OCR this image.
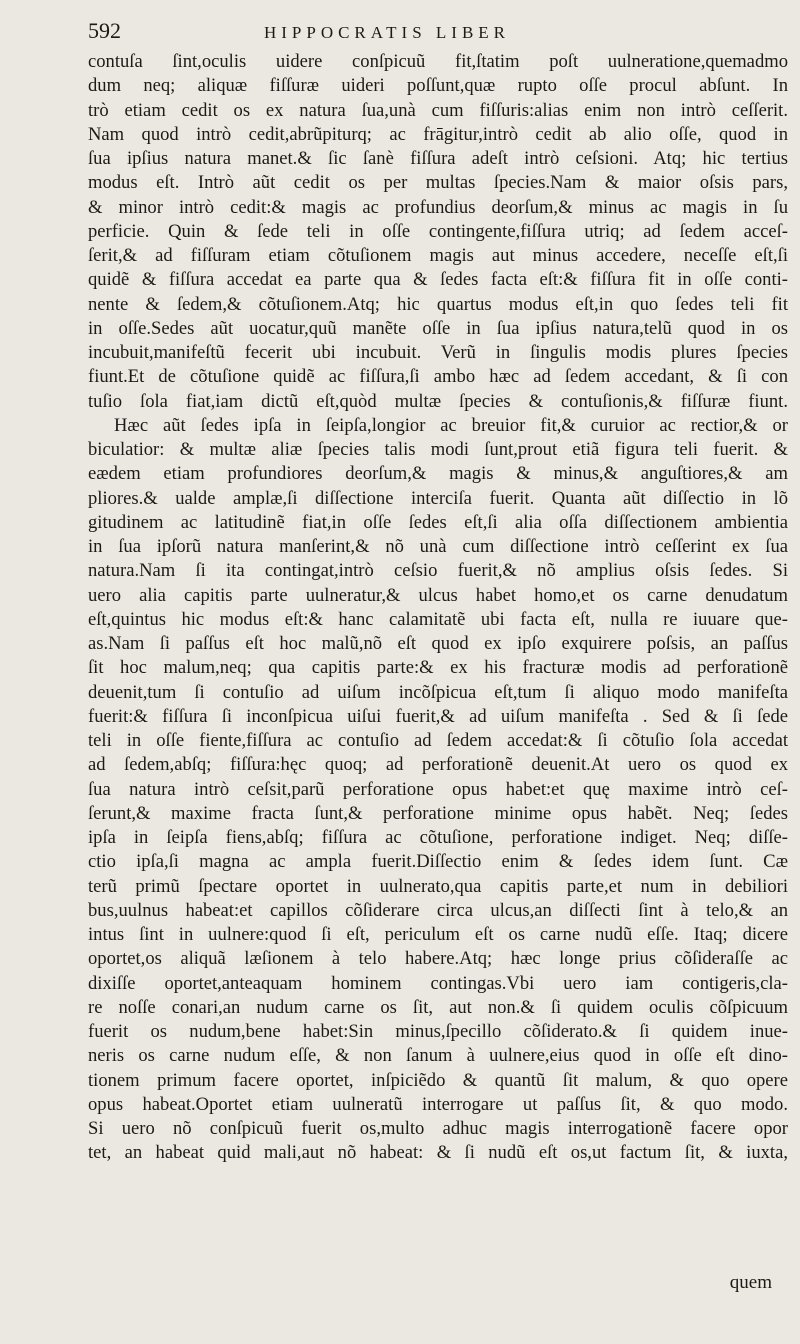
592	HIPPOCRATIS LIBER
contuſa ſint,oculis uidere conſpicuũ fit,ſtatim poſt uulneratione,quemadmo
dum neq; aliquæ fiſſuræ uideri poſſunt,quæ rupto oſſe procul abſunt. In
trò etiam cedit os ex natura ſua,unà cum fiſſuris:alias enim non intrò ceſſerit.
Nam quod intrò cedit,abrũpiturq; ac frāgitur,intrò cedit ab alio oſſe, quod in
ſua ipſius natura manet.& ſic ſanè fiſſura adeſt intrò ceſsioni. Atq; hic tertius
modus eſt. Intrò aũt cedit os per multas ſpecies.Nam & maior oſsis pars,
& minor intrò cedit:& magis ac profundius deorſum,& minus ac magis in ſu
perficie. Quin & ſede teli in oſſe contingente,fiſſura utriq; ad ſedem acceſ-
ſerit,& ad fiſſuram etiam cõtuſionem magis aut minus accedere, neceſſe eſt,ſi
quidẽ & fiſſura accedat ea parte qua & ſedes facta eſt:& fiſſura fit in oſſe conti-
nente & ſedem,& cõtuſionem.Atq; hic quartus modus eſt,in quo ſedes teli fit
in oſſe.Sedes aũt uocatur,quũ manẽte oſſe in ſua ipſius natura,telũ quod in os
incubuit,manifeſtũ fecerit ubi incubuit. Verũ in ſingulis modis plures ſpecies
fiunt.Et de cõtuſione quidẽ ac fiſſura,ſi ambo hæc ad ſedem accedant, & ſi con
tuſio ſola fiat,iam dictũ eſt,quòd multæ ſpecies & contuſionis,& fiſſuræ fiunt.
Hæc aũt ſedes ipſa in ſeipſa,longior ac breuior fit,& curuior ac rectior,& or
biculatior: & multæ aliæ ſpecies talis modi ſunt,prout etiã figura teli fuerit. &
eædem etiam profundiores deorſum,& magis & minus,& anguſtiores,& am
pliores.& ualde amplæ,ſi diſſectione interciſa fuerit. Quanta aũt diſſectio in lõ
gitudinem ac latitudinẽ fiat,in oſſe ſedes eſt,ſi alia oſſa diſſectionem ambientia
in ſua ipſorũ natura manſerint,& nõ unà cum diſſectione intrò ceſſerint ex ſua
natura.Nam ſi ita contingat,intrò ceſsio fuerit,& nõ amplius oſsis ſedes. Si
uero alia capitis parte uulneratur,& ulcus habet homo,et os carne denudatum
eſt,quintus hic modus eſt:& hanc calamitatẽ ubi facta eſt, nulla re iuuare que-
as.Nam ſi paſſus eſt hoc malũ,nõ eſt quod ex ipſo exquirere poſsis, an paſſus
ſit hoc malum,neq; qua capitis parte:& ex his fracturæ modis ad perforationẽ
deuenit,tum ſi contuſio ad uiſum incõſpicua eſt,tum ſi aliquo modo manifeſta
fuerit:& fiſſura ſi inconſpicua uiſui fuerit,& ad uiſum manifeſta . Sed & ſi ſede
teli in oſſe fiente,fiſſura ac contuſio ad ſedem accedat:& ſi cõtuſio ſola accedat
ad ſedem,abſq; fiſſura:hęc quoq; ad perforationẽ deuenit.At uero os quod ex
ſua natura intrò ceſsit,parũ perforatione opus habet:et quę maxime intrò ceſ-
ſerunt,& maxime fracta ſunt,& perforatione minime opus habẽt. Neq; ſedes
ipſa in ſeipſa fiens,abſq; fiſſura ac cõtuſione, perforatione indiget. Neq; diſſe-
ctio ipſa,ſi magna ac ampla fuerit.Diſſectio enim & ſedes idem ſunt. Cæ
terũ primũ ſpectare oportet in uulnerato,qua capitis parte,et num in debiliori
bus,uulnus habeat:et capillos cõſiderare circa ulcus,an diſſecti ſint à telo,& an
intus ſint in uulnere:quod ſi eſt, periculum eſt os carne nudũ eſſe. Itaq; dicere
oportet,os aliquã læſionem à telo habere.Atq; hæc longe prius cõſideraſſe ac
dixiſſe oportet,anteaquam hominem contingas.Vbi uero iam contigeris,cla-
re noſſe conari,an nudum carne os ſit, aut non.& ſi quidem oculis cõſpicuum
fuerit os nudum,bene habet:Sin minus,ſpecillo cõſiderato.& ſi quidem inue-
neris os carne nudum eſſe, & non ſanum à uulnere,eius quod in oſſe eſt dino-
tionem primum facere oportet, inſpiciẽdo & quantũ ſit malum, & quo opere
opus habeat.Oportet etiam uulneratũ interrogare ut paſſus ſit, & quo modo.
Si uero nõ conſpicuũ fuerit os,multo adhuc magis interrogationẽ facere opor
tet, an habeat quid mali,aut nõ habeat: & ſi nudũ eſt os,ut factum ſit, & iuxta,
quem
